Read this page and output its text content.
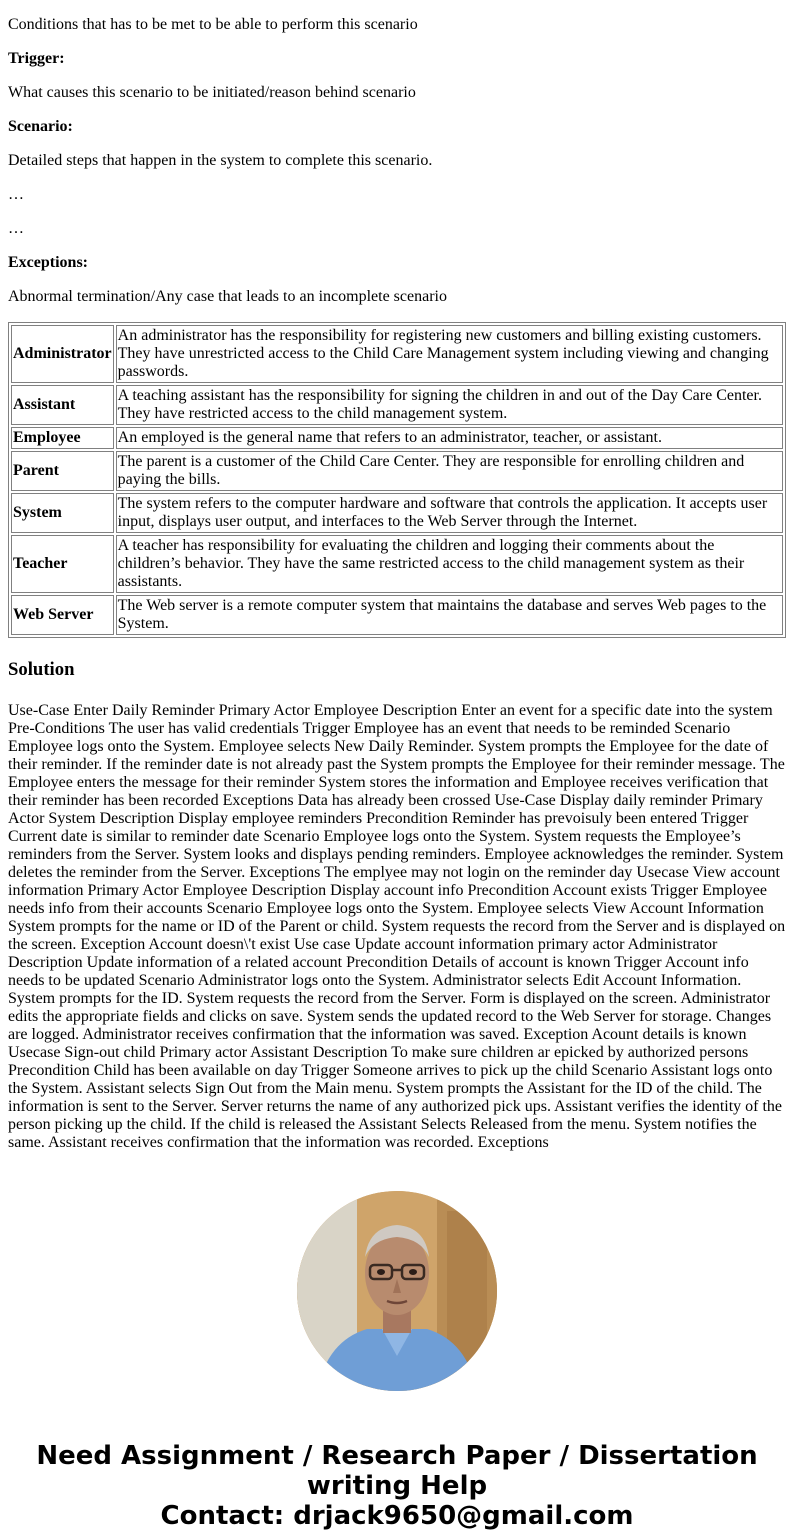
Conditions that has to be met to be able to perform this scenario

Trigger:

What causes this scenario to be initiated/reason behind scenario

Scenario:

Detailed steps that happen in the system to complete this scenario.

…

…

Exceptions:

Abnormal termination/Any case that leads to an incomplete scenario

Administrator	An administrator has the responsibility for registering new customers and billing existing customers. They have unrestricted access to the Child Care Management system including viewing and changing passwords.
Assistant	A teaching assistant has the responsibility for signing the children in and out of the Day Care Center. They have restricted access to the child management system.
Employee	An employed is the general name that refers to an administrator, teacher, or assistant.
Parent	The parent is a customer of the Child Care Center. They are responsible for enrolling children and paying the bills.
System	The system refers to the computer hardware and software that controls the application. It accepts user input, displays user output, and interfaces to the Web Server through the Internet.
Teacher	A teacher has responsibility for evaluating the children and logging their comments about the children’s behavior. They have the same restricted access to the child management system as their assistants.
Web Server	The Web server is a remote computer system that maintains the database and serves Web pages to the System.
Solution

Use-Case Enter Daily Reminder Primary Actor Employee Description Enter an event for a specific date into the system Pre-Conditions The user has valid credentials Trigger Employee has an event that needs to be reminded Scenario Employee logs onto the System. Employee selects New Daily Reminder. System prompts the Employee for the date of their reminder. If the reminder date is not already past the System prompts the Employee for their reminder message. The Employee enters the message for their reminder System stores the information and Employee receives verification that their reminder has been recorded Exceptions Data has already been crossed Use-Case Display daily reminder Primary Actor System Description Display employee reminders Precondition Reminder has prevoisuly been entered Trigger Current date is similar to reminder date Scenario Employee logs onto the System. System requests the Employee’s reminders from the Server. System looks and displays pending reminders. Employee acknowledges the reminder. System deletes the reminder from the Server. Exceptions The emplyee may not login on the reminder day Usecase View account information Primary Actor Employee Description Display account info Precondition Account exists Trigger Employee needs info from their accounts Scenario Employee logs onto the System. Employee selects View Account Information System prompts for the name or ID of the Parent or child. System requests the record from the Server and is displayed on the screen. Exception Account doesn\'t exist Use case Update account information primary actor Administrator Description Update information of a related account Precondition Details of account is known Trigger Account info needs to be updated Scenario Administrator logs onto the System. Administrator selects Edit Account Information. System prompts for the ID. System requests the record from the Server. Form is displayed on the screen. Administrator edits the appropriate fields and clicks on save. System sends the updated record to the Web Server for storage. Changes are logged. Administrator receives confirmation that the information was saved. Exception Acount details is known Usecase Sign-out child Primary actor Assistant Description To make sure children ar epicked by authorized persons Precondition Child has been available on day Trigger Someone arrives to pick up the child Scenario Assistant logs onto the System. Assistant selects Sign Out from the Main menu. System prompts the Assistant for the ID of the child. The information is sent to the Server. Server returns the name of any authorized pick ups. Assistant verifies the identity of the person picking up the child. If the child is released the Assistant Selects Released from the menu. System notifies the same. Assistant receives confirmation that the information was recorded. Exceptions

Need Assignment / Research Paper / Dissertation writing Help
Contact: drjack9650@gmail.com
